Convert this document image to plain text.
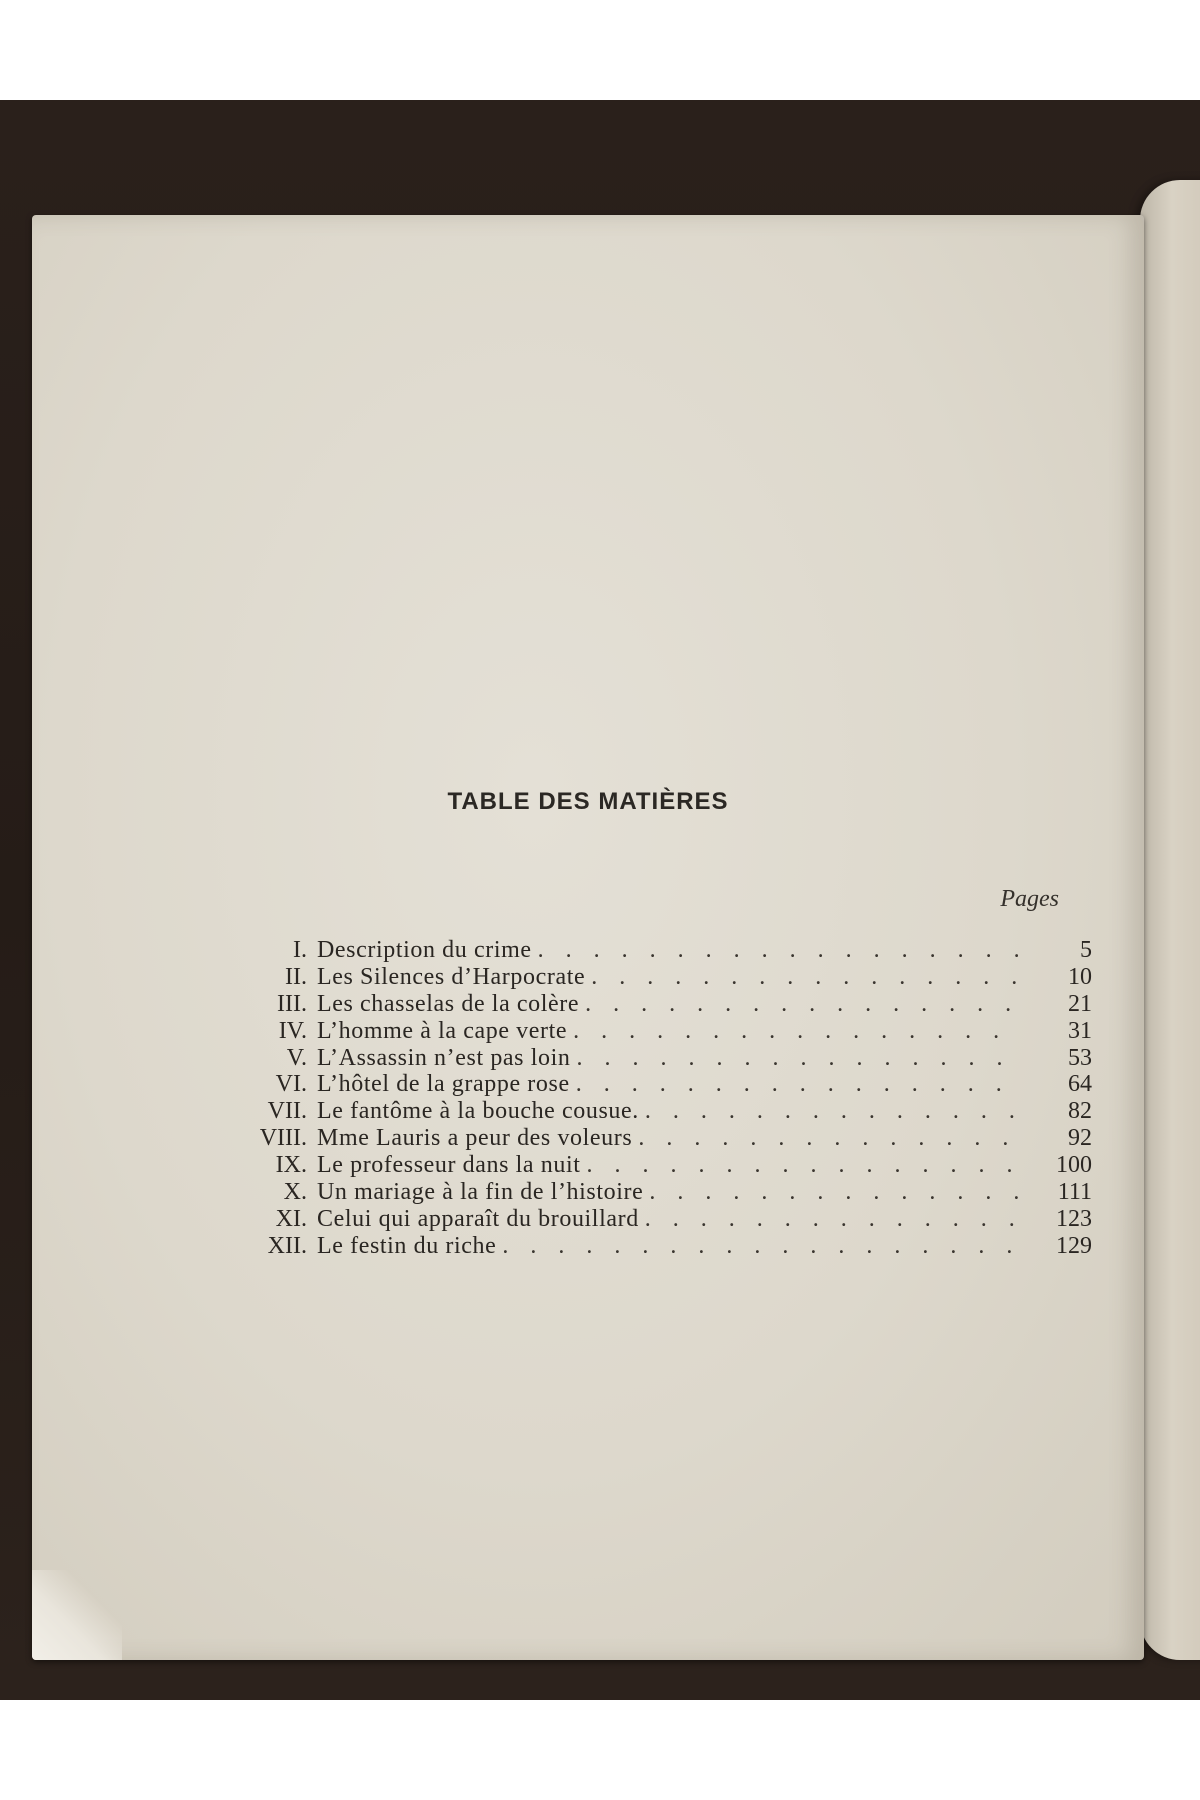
TABLE DES MATIÈRES
Pages
I. Description du crime . . .	5
II. Les Silences d’Harpocrate . . .	10
III. Les chasselas de la colère . . .	21
IV. L’homme à la cape verte . . .	31
V. L’Assassin n’est pas loin . . .	53
VI. L’hôtel de la grappe rose . . .	64
VII. Le fantôme à la bouche cousue. . . .	82
VIII. Mme Lauris a peur des voleurs . . .	92
IX. Le professeur dans la nuit . . .	100
X. Un mariage à la fin de l’histoire . . .	111
XI. Celui qui apparaît du brouillard . . .	123
XII. Le festin du riche . . .	129
